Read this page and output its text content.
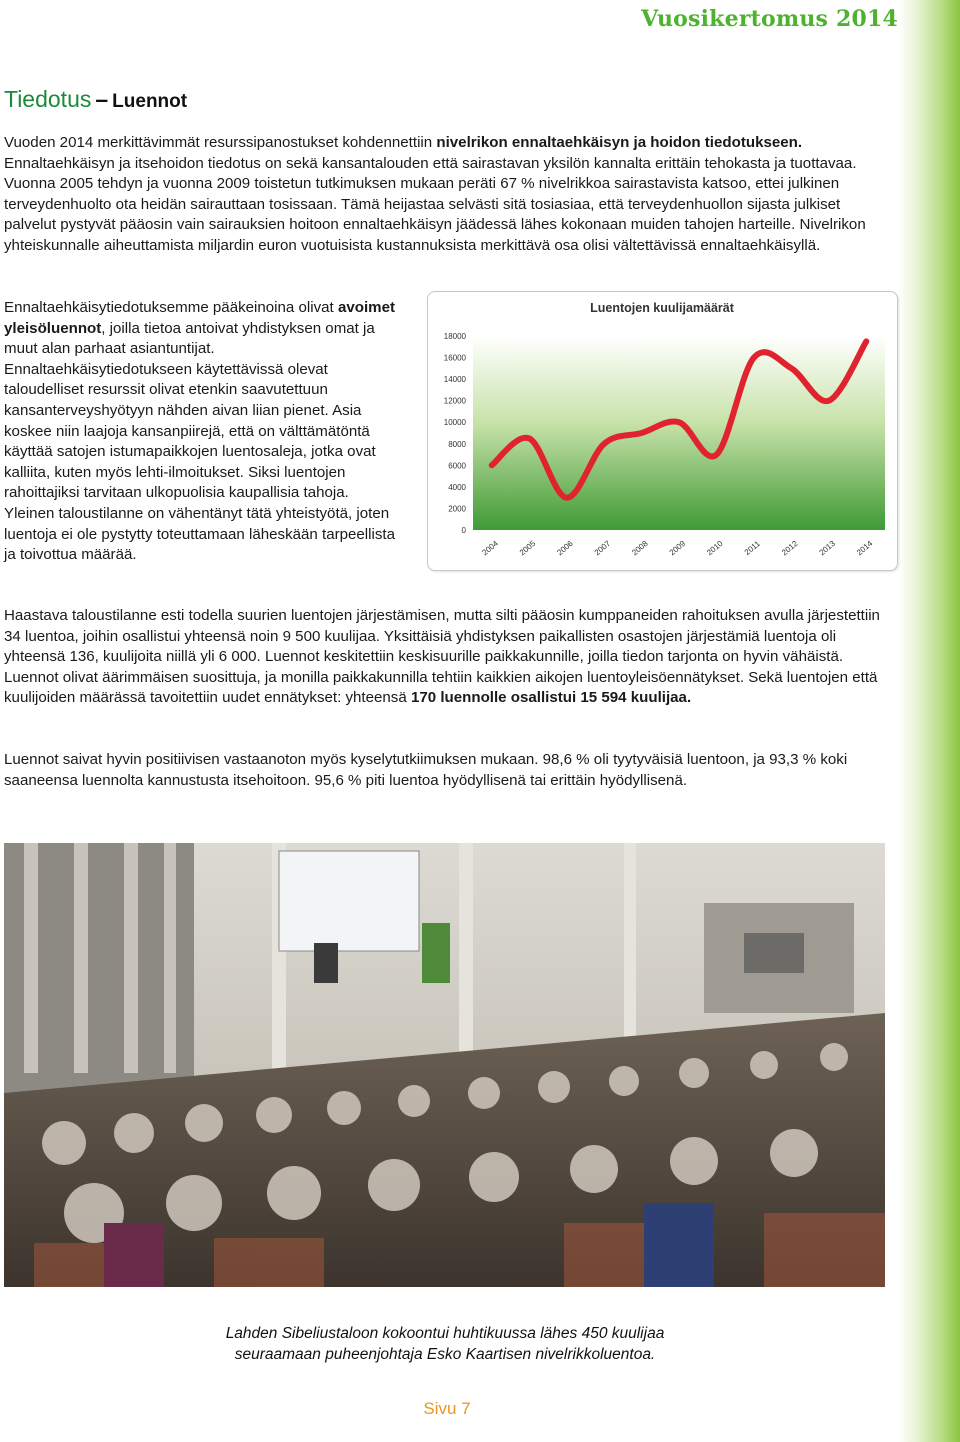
Vuosikertomus 2014
Tiedotus – Luennot
Vuoden 2014 merkittävimmät resurssipanostukset kohdennettiin nivelrikon ennaltaehkäisyn ja hoidon tiedotukseen. Ennaltaehkäisyn ja itsehoidon tiedotus on sekä kansantalouden että sairastavan yksilön kannalta erittäin tehokasta ja tuottavaa. Vuonna 2005 tehdyn ja vuonna 2009 toistetun tutkimuksen mukaan peräti 67 % nivelrikkoa sairastavista katsoo, ettei julkinen terveydenhuolto ota heidän sairauttaan tosissaan. Tämä heijastaa selvästi sitä tosiasiaa, että terveydenhuollon sijasta julkiset palvelut pystyvät pääosin vain sairauksien hoitoon ennaltaehkäisyn jäädessä lähes kokonaan muiden tahojen harteille. Nivelrikon yhteiskunnalle aiheuttamista miljardin euron vuotuisista kustannuksista merkittävä osa olisi vältettävissä ennaltaehkäisyllä.
Ennaltaehkäisytiedotuksemme pääkeinoina olivat avoimet yleisöluennot, joilla tietoa antoivat yhdistyksen omat ja muut alan parhaat asiantuntijat. Ennaltaehkäisytiedotukseen käytettävissä olevat taloudelliset resurssit olivat etenkin saavutettuun kansanterveyshyötyyn nähden aivan liian pienet. Asia koskee niin laajoja kansanpiirejä, että on välttämätöntä käyttää satojen istumapaikkojen luentosaleja, jotka ovat kalliita, kuten myös lehti-ilmoitukset. Siksi luentojen rahoittajiksi tarvitaan ulkopuolisia kaupallisia tahoja. Yleinen taloustilanne on vähentänyt tätä yhteistyötä, joten luentoja ei ole pystytty toteuttamaan läheskään tarpeellista ja toivottua määrää.
Luentojen kuulijamäärät
0
2000
4000
6000
8000
10000
12000
14000
16000
18000
2004 2005 2006 2007 2008 2009 2010 2011 2012 2013 2014
Haastava taloustilanne esti todella suurien luentojen järjestämisen, mutta silti pääosin kumppaneiden rahoituksen avulla järjestettiin 34 luentoa, joihin osallistui yhteensä noin 9 500 kuulijaa. Yksittäisiä yhdistyksen paikallisten osastojen järjestämiä luentoja oli yhteensä 136, kuulijoita niillä yli 6 000. Luennot keskitettiin keskisuurille paikkakunnille, joilla tiedon tarjonta on hyvin vähäistä. Luennot olivat äärimmäisen suosittuja, ja monilla paikkakunnilla tehtiin kaikkien aikojen luentoyleisöennätykset. Sekä luentojen että kuulijoiden määrässä tavoitettiin uudet ennätykset: yhteensä 170 luennolle osallistui 15 594 kuulijaa.
Luennot saivat hyvin positiivisen vastaanoton myös kyselytutkiimuksen mukaan. 98,6 % oli tyytyväisiä luentoon, ja 93,3 % koki saaneensa luennolta kannustusta itsehoitoon. 95,6 % piti luentoa hyödyllisenä tai erittäin hyödyllisenä.
Lahden Sibeliustaloon kokoontui huhtikuussa lähes 450 kuulijaa
seuraamaan puheenjohtaja Esko Kaartisen nivelrikkoluentoa.
Sivu 7
